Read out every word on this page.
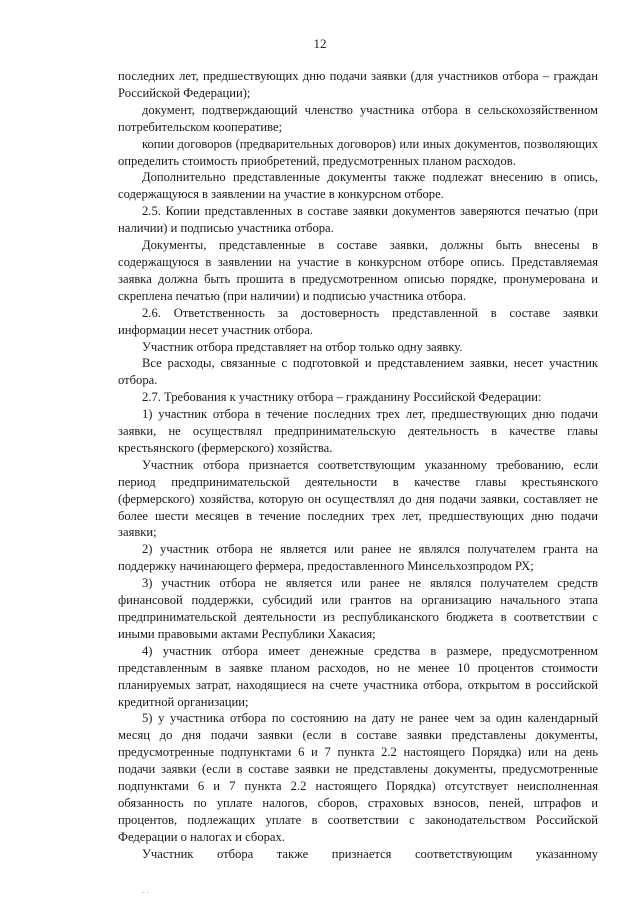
12

последних лет, предшествующих дню подачи заявки (для участников отбора – граждан Российской Федерации);

документ, подтверждающий членство участника отбора в сельскохозяйственном потребительском кооперативе;

копии договоров (предварительных договоров) или иных документов, позволяющих определить стоимость приобретений, предусмотренных планом расходов.

Дополнительно представленные документы также подлежат внесению в опись, содержащуюся в заявлении на участие в конкурсном отборе.

2.5. Копии представленных в составе заявки документов заверяются печатью (при наличии) и подписью участника отбора.

Документы, представленные в составе заявки, должны быть внесены в содержащуюся в заявлении на участие в конкурсном отборе опись. Представляемая заявка должна быть прошита в предусмотренном описью порядке, пронумерована и скреплена печатью (при наличии) и подписью участника отбора.

2.6. Ответственность за достоверность представленной в составе заявки информации несет участник отбора.

Участник отбора представляет на отбор только одну заявку.

Все расходы, связанные с подготовкой и представлением заявки, несет участник отбора.

2.7. Требования к участнику отбора – гражданину Российской Федерации:

1) участник отбора в течение последних трех лет, предшествующих дню подачи заявки, не осуществлял предпринимательскую деятельность в качестве главы крестьянского (фермерского) хозяйства.

Участник отбора признается соответствующим указанному требованию, если период предпринимательской деятельности в качестве главы крестьянского (фермерского) хозяйства, которую он осуществлял до дня подачи заявки, составляет не более шести месяцев в течение последних трех лет, предшествующих дню подачи заявки;

2) участник отбора не является или ранее не являлся получателем гранта на поддержку начинающего фермера, предоставленного Минсельхозпродом РХ;

3) участник отбора не является или ранее не являлся получателем средств финансовой поддержки, субсидий или грантов на организацию начального этапа предпринимательской деятельности из республиканского бюджета в соответствии с иными правовыми актами Республики Хакасия;

4) участник отбора имеет денежные средства в размере, предусмотренном представленным в заявке планом расходов, но не менее 10 процентов стоимости планируемых затрат, находящиеся на счете участника отбора, открытом в российской кредитной организации;

5) у участника отбора по состоянию на дату не ранее чем за один календарный месяц до дня подачи заявки (если в составе заявки представлены документы, предусмотренные подпунктами 6 и 7 пункта 2.2 настоящего Порядка) или на день подачи заявки (если в составе заявки не представлены документы, предусмотренные подпунктами 6 и 7 пункта 2.2 настоящего Порядка) отсутствует неисполненная обязанность по уплате налогов, сборов, страховых взносов, пеней, штрафов и процентов, подлежащих уплате в соответствии с законодательством Российской Федерации о налогах и сборах.

Участник отбора также признается соответствующим указанному

.. .
